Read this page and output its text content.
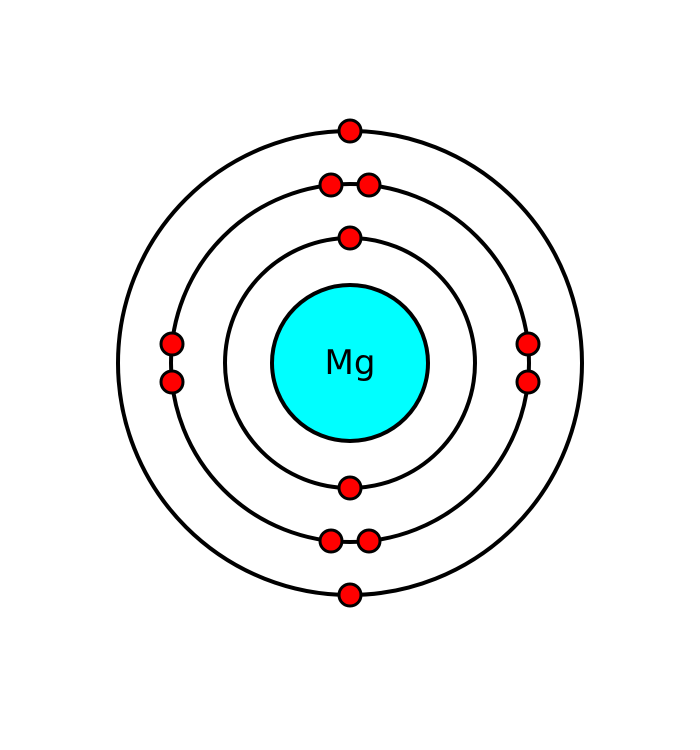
Mg
